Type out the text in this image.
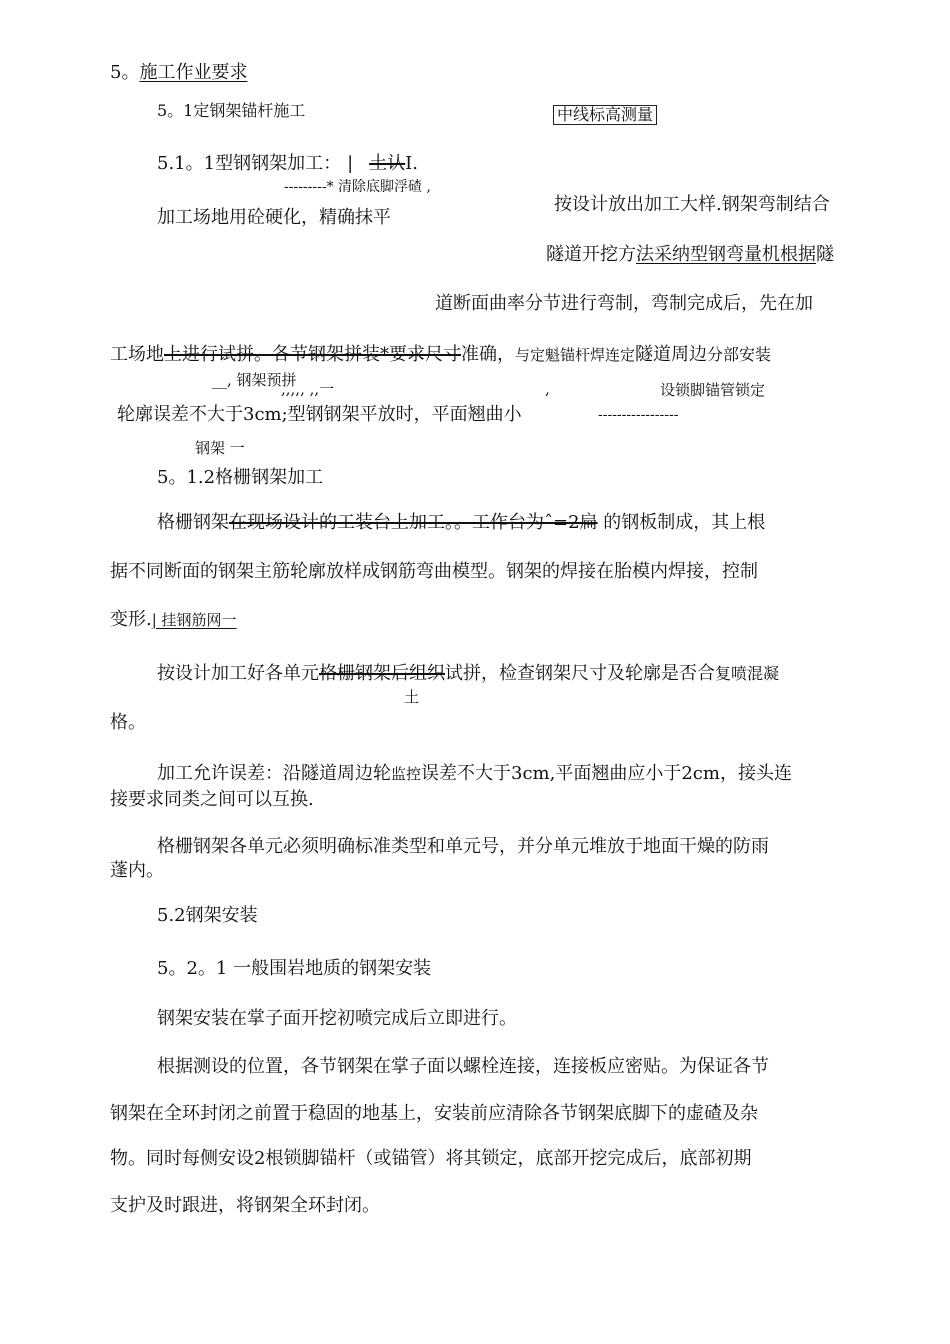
5。施工作业要求
5。1定钢架锚杆施工	中线标高测量
5.1。1型钢钢架加工： | 土认I.
---------* 清除底脚浮碴 ,
按设计放出加工大样.钢架弯制结合
加工场地用砼硬化，精确抹平
隧道开挖方法采纳型钢弯量机根据隧
道断面曲率分节进行弯制，弯制完成后，先在加
工场地上进行试拼。各节钢架拼装*要求尺寸准确，与定魁锚杆焊连定隧道周边分部安装
__, 钢架预拼
,,,,, ,,一	,	设锁脚锚管锁定
轮廓误差不大于3cm;型钢钢架平放时，平面翘曲小	-----------------
钢架 一
5。1.2格栅钢架加工
格栅钢架在现场设计的工装台上加工。。工作台为ˆ=2扁 的钢板制成，其上根
据不同断面的钢架主筋轮廓放样成钢筋弯曲模型。钢架的焊接在胎模内焊接，控制
变形.| 挂钢筋网一
按设计加工好各单元格栅钢架后组织试拼，检查钢架尺寸及轮廓是否合复喷混凝
土
格。
加工允许误差：沿隧道周边轮监控误差不大于3cm,平面翘曲应小于2cm，接头连
接要求同类之间可以互换.
格栅钢架各单元必须明确标准类型和单元号，并分单元堆放于地面干燥的防雨
蓬内。
5.2钢架安装
5。2。1 一般围岩地质的钢架安装
钢架安装在掌子面开挖初喷完成后立即进行。
根据测设的位置，各节钢架在掌子面以螺栓连接，连接板应密贴。为保证各节
钢架在全环封闭之前置于稳固的地基上，安装前应清除各节钢架底脚下的虚碴及杂
物。同时每侧安设2根锁脚锚杆（或锚管）将其锁定，底部开挖完成后，底部初期
支护及时跟进，将钢架全环封闭。
